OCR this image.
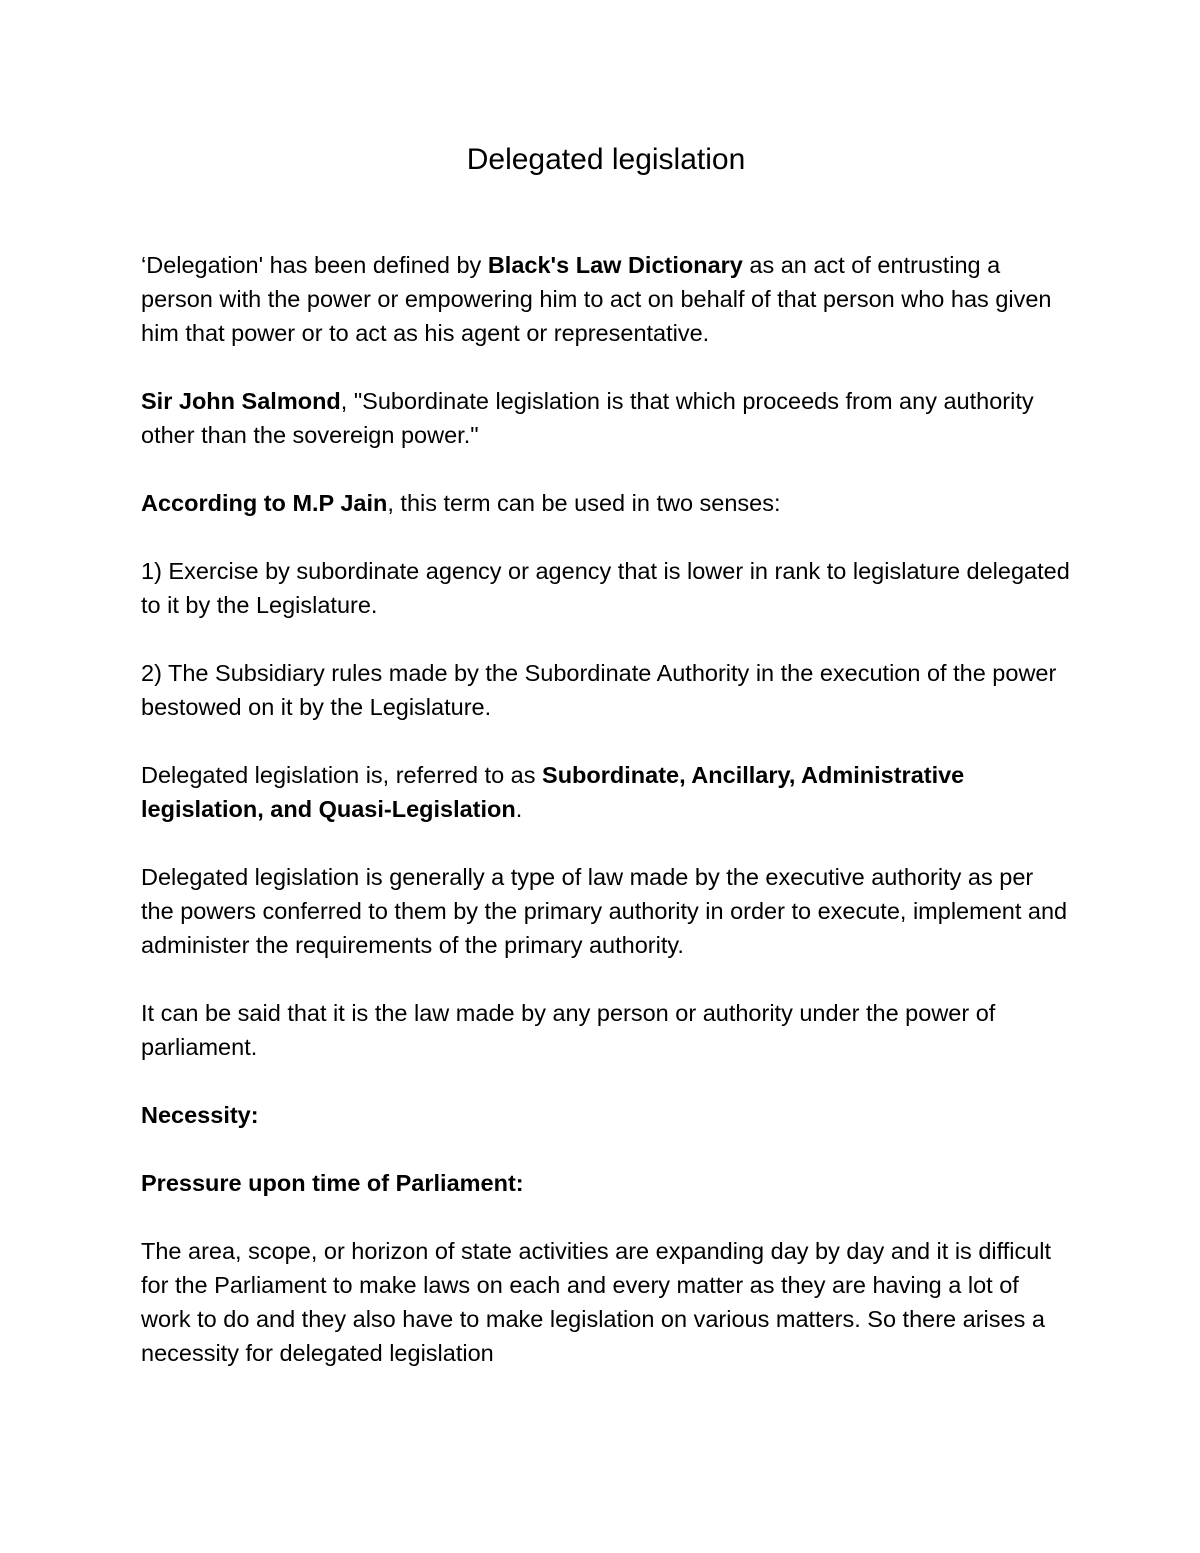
Delegated legislation

‘Delegation' has been defined by Black's Law Dictionary as an act of entrusting a person with the power or empowering him to act on behalf of that person who has given him that power or to act as his agent or representative.

Sir John Salmond, "Subordinate legislation is that which proceeds from any authority other than the sovereign power."

According to M.P Jain, this term can be used in two senses:

1) Exercise by subordinate agency or agency that is lower in rank to legislature delegated to it by the Legislature.

2) The Subsidiary rules made by the Subordinate Authority in the execution of the power bestowed on it by the Legislature.

Delegated legislation is, referred to as Subordinate, Ancillary, Administrative legislation, and Quasi-Legislation.

Delegated legislation is generally a type of law made by the executive authority as per the powers conferred to them by the primary authority in order to execute, implement and administer the requirements of the primary authority.

It can be said that it is the law made by any person or authority under the power of parliament.

Necessity:

Pressure upon time of Parliament:

The area, scope, or horizon of state activities are expanding day by day and it is difficult for the Parliament to make laws on each and every matter as they are having a lot of work to do and they also have to make legislation on various matters. So there arises a necessity for delegated legislation
